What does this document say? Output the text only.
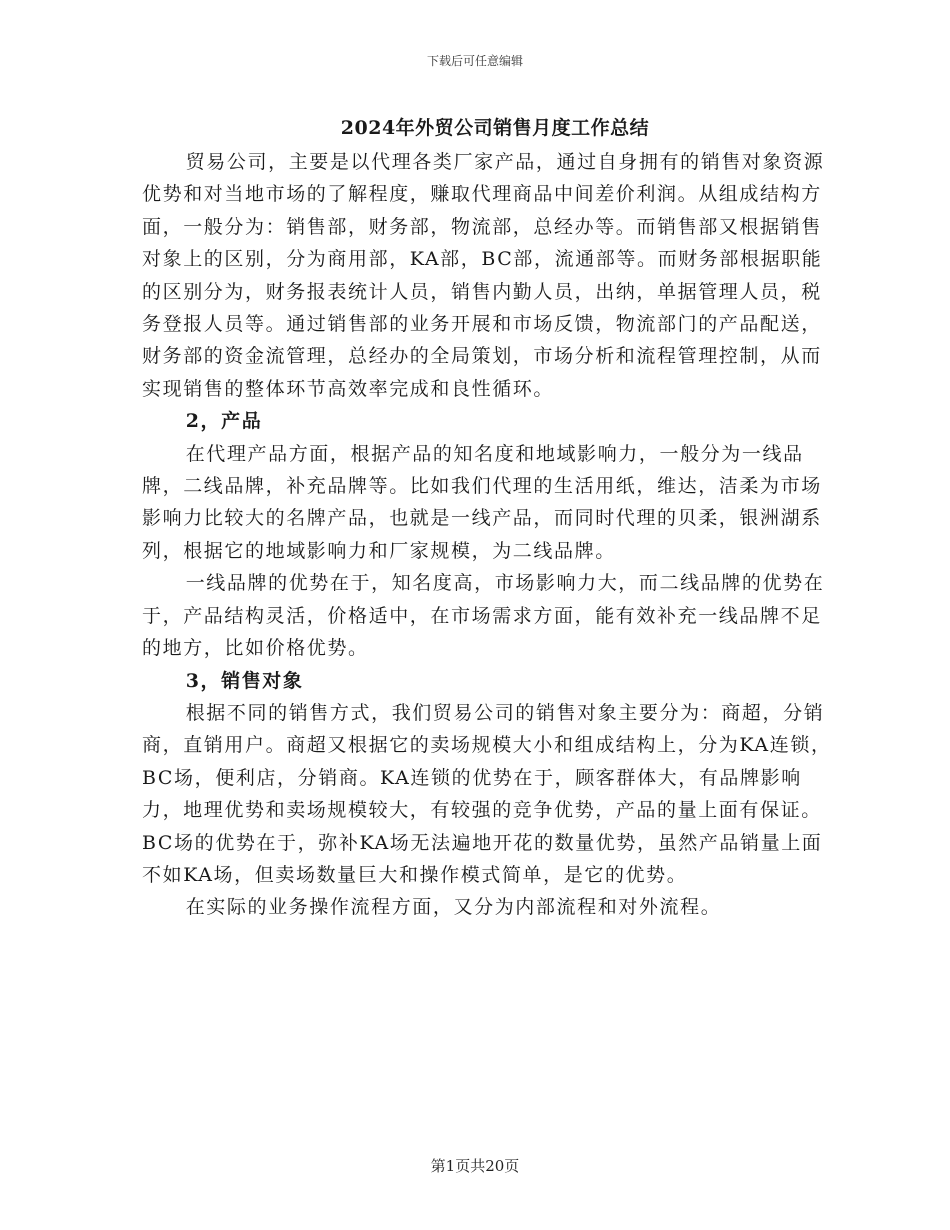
下载后可任意编辑
2024年外贸公司销售月度工作总结

贸易公司，主要是以代理各类厂家产品，通过自身拥有的销售对象资源优势和对当地市场的了解程度，赚取代理商品中间差价利润。从组成结构方面，一般分为：销售部，财务部，物流部，总经办等。而销售部又根据销售对象上的区别，分为商用部，KA部，BC部，流通部等。而财务部根据职能的区别分为，财务报表统计人员，销售内勤人员，出纳，单据管理人员，税务登报人员等。通过销售部的业务开展和市场反馈，物流部门的产品配送，财务部的资金流管理，总经办的全局策划，市场分析和流程管理控制，从而实现销售的整体环节高效率完成和良性循环。

2，产品

在代理产品方面，根据产品的知名度和地域影响力，一般分为一线品牌，二线品牌，补充品牌等。比如我们代理的生活用纸，维达，洁柔为市场影响力比较大的名牌产品，也就是一线产品，而同时代理的贝柔，银洲湖系列，根据它的地域影响力和厂家规模，为二线品牌。

一线品牌的优势在于，知名度高，市场影响力大，而二线品牌的优势在于，产品结构灵活，价格适中，在市场需求方面，能有效补充一线品牌不足的地方，比如价格优势。

3，销售对象

根据不同的销售方式，我们贸易公司的销售对象主要分为：商超，分销商，直销用户。商超又根据它的卖场规模大小和组成结构上，分为KA连锁，BC场，便利店，分销商。KA连锁的优势在于，顾客群体大，有品牌影响力，地理优势和卖场规模较大，有较强的竞争优势，产品的量上面有保证。BC场的优势在于，弥补KA场无法遍地开花的数量优势，虽然产品销量上面不如KA场，但卖场数量巨大和操作模式简单，是它的优势。

在实际的业务操作流程方面，又分为内部流程和对外流程。

第1页共20页
